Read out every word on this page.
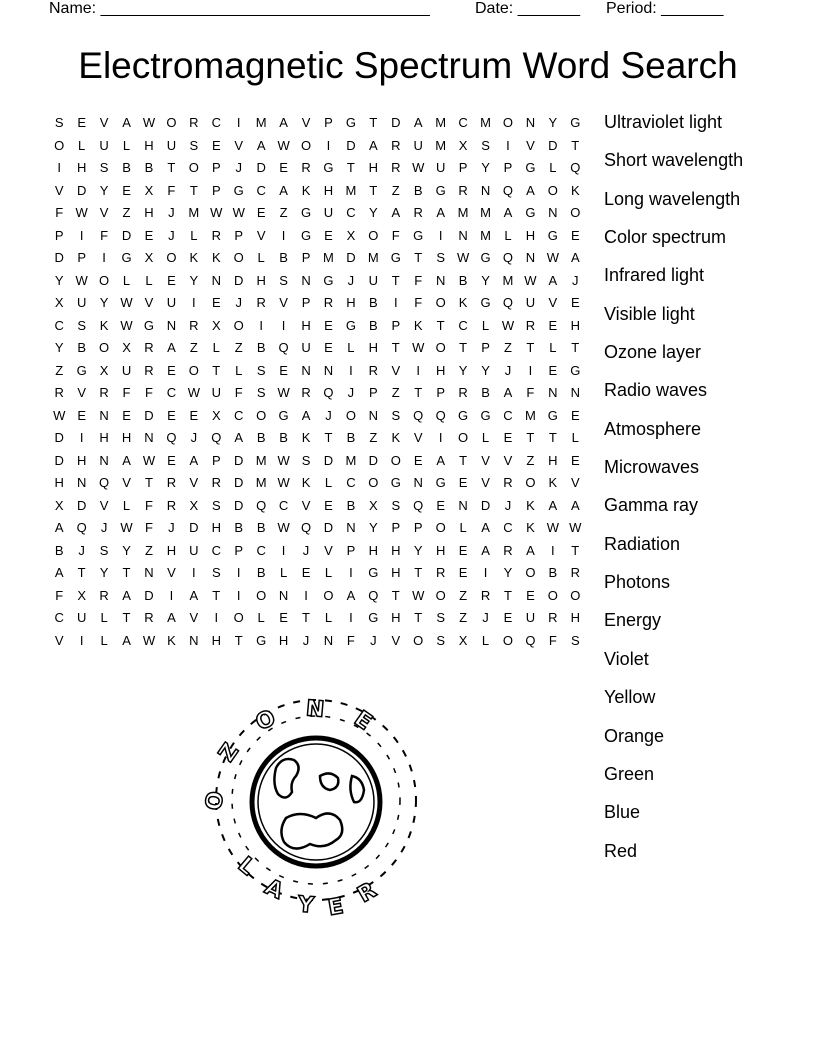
Name: _____________________________________	Date: _______ Period: _______
Electromagnetic Spectrum Word Search
S	E	V	A W O R	C	I	M A	V	P	G	T	D	A M C M O N	Y	G
O	L	U	L	H	U	S	E	V	A W O	I	D	A	R	U M X	S	I	V	D	T
I	H	S	B	B	T	O	P	J	D	E	R G	T	H	R W U	P	Y	P	G	L	Q
V	D	Y	E	X	F	T	P	G C	A	K	H M	T	Z	B	G R	N Q	A	O	K
F W V	Z	H	J	M W W E	Z	G U	C	Y	A	R	A M M A	G N O
P	I	F	D	E	J	L	R	P	V	I	G	E	X	O	F	G	I	N M	L	H G	E
D	P	I	G	X	O	K	K	O	L	B	P M D M G	T	S W G Q N W A
Y W O	L	L	E	Y	N	D	H	S	N G	J	U	T	F	N	B	Y M W A	J
X	U	Y W V	U	I	E	J	R	V	P	R	H	B	I	F	O	K	G Q U	V	E
C	S	K W G N	R	X	O	I	I	H	E	G	B	P	K	T	C	L W R	E	H
Y	B	O	X	R	A	Z	L	Z	B	Q U	E	L	H	T W O	T	P	Z	T	L	T
Z	G	X	U	R	E	O	T	L	S	E	N	N	I	R	V	I	H	Y	Y	J	I	E	G
R	V	R	F	F	C W U	F	S W R Q	J	P	Z	T	P	R	B	A	F	N	N
W E	N	E	D	E	E	X	C O G	A	J	O N	S	Q Q G G C M G	E
D	I	H	H	N Q	J	Q	A	B	B	K	T	B	Z	K	V	I	O	L	E	T	T	L
D	H	N	A W E	A	P	D M W S	D M D O	E	A	T	V	V	Z	H	E
H	N Q	V	T	R	V	R	D M W K	L	C O G N G	E	V	R O	K	V
X	D	V	L	F	R	X	S	D Q C	V	E	B	X	S	Q	E	N	D	J	K	A	A
A	Q	J	W F	J	D	H	B	B W Q D	N	Y	P	P	O	L	A	C	K W W
B	J	S	Y	Z	H	U	C	P	C	I	J	V	P	H	H	Y	H	E	A	R	A	I	T
A	T	Y	T	N	V	I	S	I	B	L	E	L	I	G H	T	R	E	I	Y	O	B	R
F	X	R	A	D	I	A	T	I	O N	I	O	A	Q	T W O	Z	R	T	E	O O
C	U	L	T	R	A	V	I	O	L	E	T	L	I	G H	T	S	Z	J	E	U	R	H
V	I	L	A W K	N	H	T	G H	J	N	F	J	V	O	S	X	L	O Q	F	S
Ultraviolet light
Short wavelength
Long wavelength
Color spectrum
Infrared light
Visible light
Ozone layer
Radio waves
Atmosphere
Microwaves
Gamma ray
Radiation
Photons
Energy
Violet
Yellow
Orange
Green
Blue
Red
O
Z
O N E
L
A
Y E R
